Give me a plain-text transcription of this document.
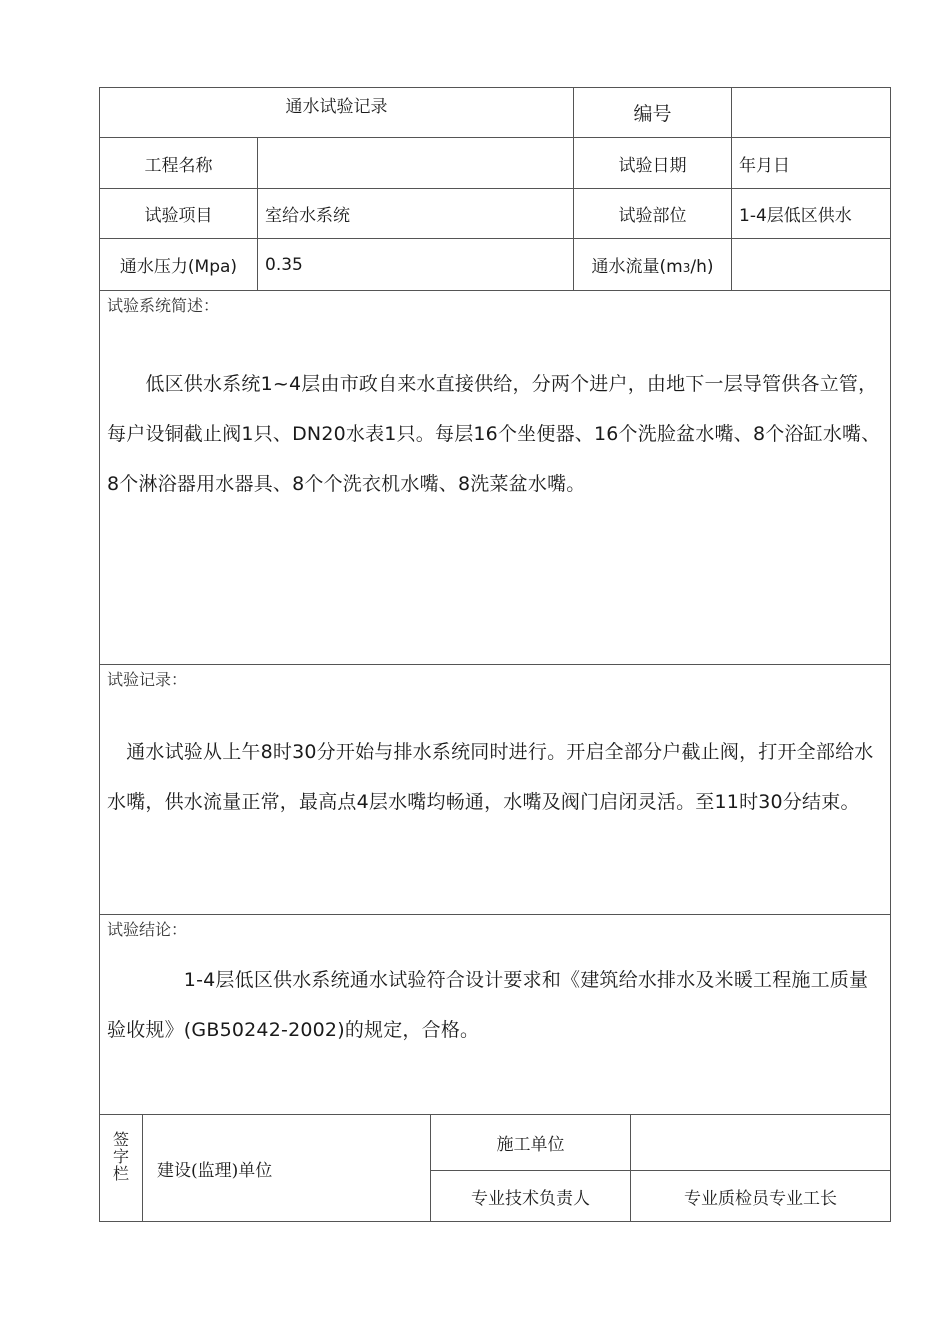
通水试验记录				编号		
工程名称				试验日期		年月日
试验项目		室给水系统		试验部位		1-4层低区供水
通水压力(Mpa)		0.35		通水流量(m3/h)		

试验系统简述：
　　低区供水系统1~4层由市政自来水直接供给，分两个进户，由地下一层导管供各立管，每户设铜截止阀1只、DN20水表1只。每层16个坐便器、16个洗脸盆水嘴、8个浴缸水嘴、8个淋浴器用水器具、8个个洗衣机水嘴、8洗菜盆水嘴。						

试验记录：
　通水试验从上午8时30分开始与排水系统同时进行。开启全部分户截止阀，打开全部给水水嘴，供水流量正常，最高点4层水嘴均畅通，水嘴及阀门启闭灵活。至11时30分结束。						

试验结论：
　　　　1-4层低区供水系统通水试验符合设计要求和《建筑给水排水及米暖工程施工质量验收规》(GB50242-2002)的规定，合格。						

签字栏	建设(监理)单位		施工单位			
			专业技术负责人		专业质检员专业工长	
